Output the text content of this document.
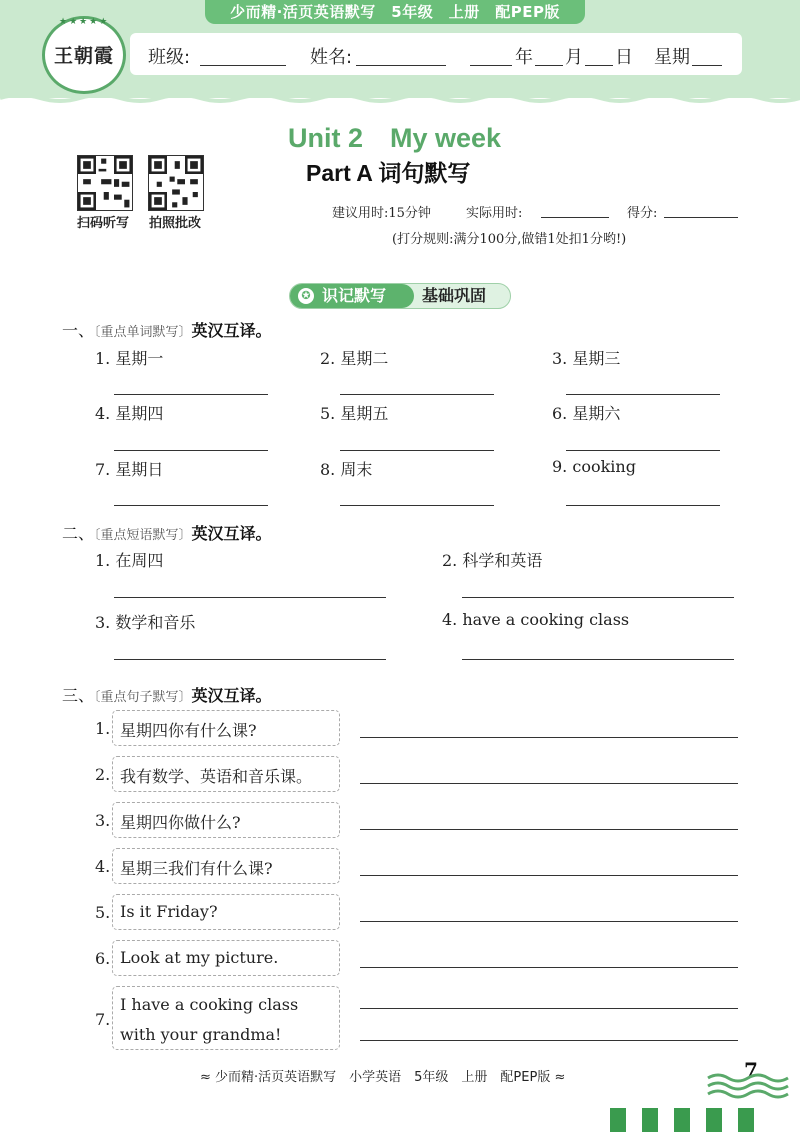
少而精·活页英语默写　5年级　上册　配PEP版
★★★★★
王朝霞	班级:	姓名:	年 月 日 星期
Unit 2　My week
Part A 词句默写
扫码听写 拍照批改
建议用时:15分钟	实际用时:	得分:
(打分规则:满分100分,做错1处扣1分哟!)
✪ 识记默写 基础巩固
一、〔重点单词默写〕英汉互译。
1. 星期一	2. 星期二	3. 星期三
4. 星期四	5. 星期五	6. 星期六
7. 星期日	8. 周末	9. cooking
二、〔重点短语默写〕英汉互译。
1. 在周四	2. 科学和英语
3. 数学和音乐	4. have a cooking class
三、〔重点句子默写〕英汉互译。
1. 星期四你有什么课?
2. 我有数学、英语和音乐课。
3. 星期四你做什么?
4. 星期三我们有什么课?
5. Is it Friday?
6. Look at my picture.
7.
I have a cooking class with your grandma!
≈ 少而精·活页英语默写　小学英语　5年级　上册　配PEP版 ≈	7
